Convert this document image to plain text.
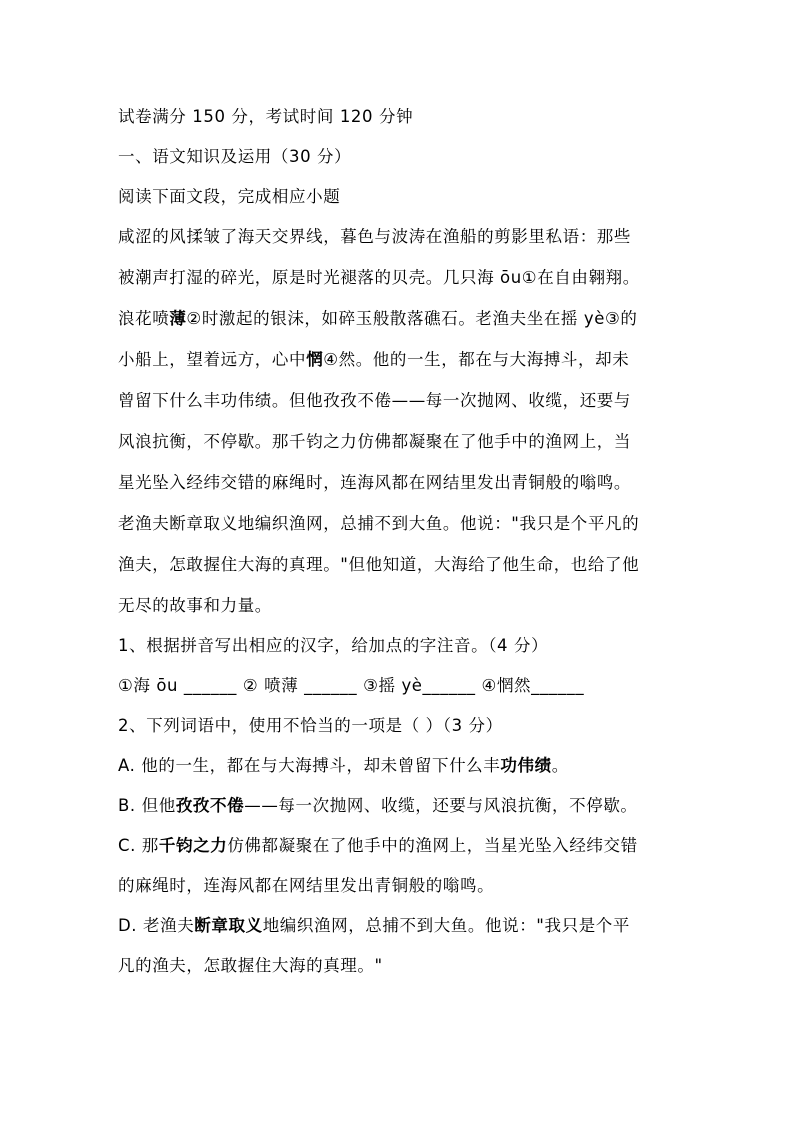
试卷满分 150 分，考试时间 120 分钟

一、语文知识及运用（30 分）

阅读下面文段，完成相应小题

咸涩的风揉皱了海天交界线，暮色与波涛在渔船的剪影里私语：那些

被潮声打湿的碎光，原是时光褪落的贝壳。几只海 ōu①在自由翱翔。

浪花喷薄②时激起的银沫，如碎玉般散落礁石。老渔夫坐在摇 yè③的

小船上，望着远方，心中惘④然。他的一生，都在与大海搏斗，却未

曾留下什么丰功伟绩。但他孜孜不倦——每一次抛网、收缆，还要与

风浪抗衡，不停歇。那千钧之力仿佛都凝聚在了他手中的渔网上，当

星光坠入经纬交错的麻绳时，连海风都在网结里发出青铜般的嗡鸣。

老渔夫断章取义地编织渔网，总捕不到大鱼。他说："我只是个平凡的

渔夫，怎敢握住大海的真理。"但他知道，大海给了他生命，也给了他

无尽的故事和力量。

1、根据拼音写出相应的汉字，给加点的字注音。（4 分）

①海 ōu ______ ② 喷薄 ______ ③摇 yè______ ④惘然______

2、下列词语中，使用不恰当的一项是（ ）（3 分）

A. 他的一生，都在与大海搏斗，却未曾留下什么丰功伟绩。

B. 但他孜孜不倦——每一次抛网、收缆，还要与风浪抗衡，不停歇。

C. 那千钧之力仿佛都凝聚在了他手中的渔网上，当星光坠入经纬交错

的麻绳时，连海风都在网结里发出青铜般的嗡鸣。

D. 老渔夫断章取义地编织渔网，总捕不到大鱼。他说："我只是个平

凡的渔夫，怎敢握住大海的真理。"
